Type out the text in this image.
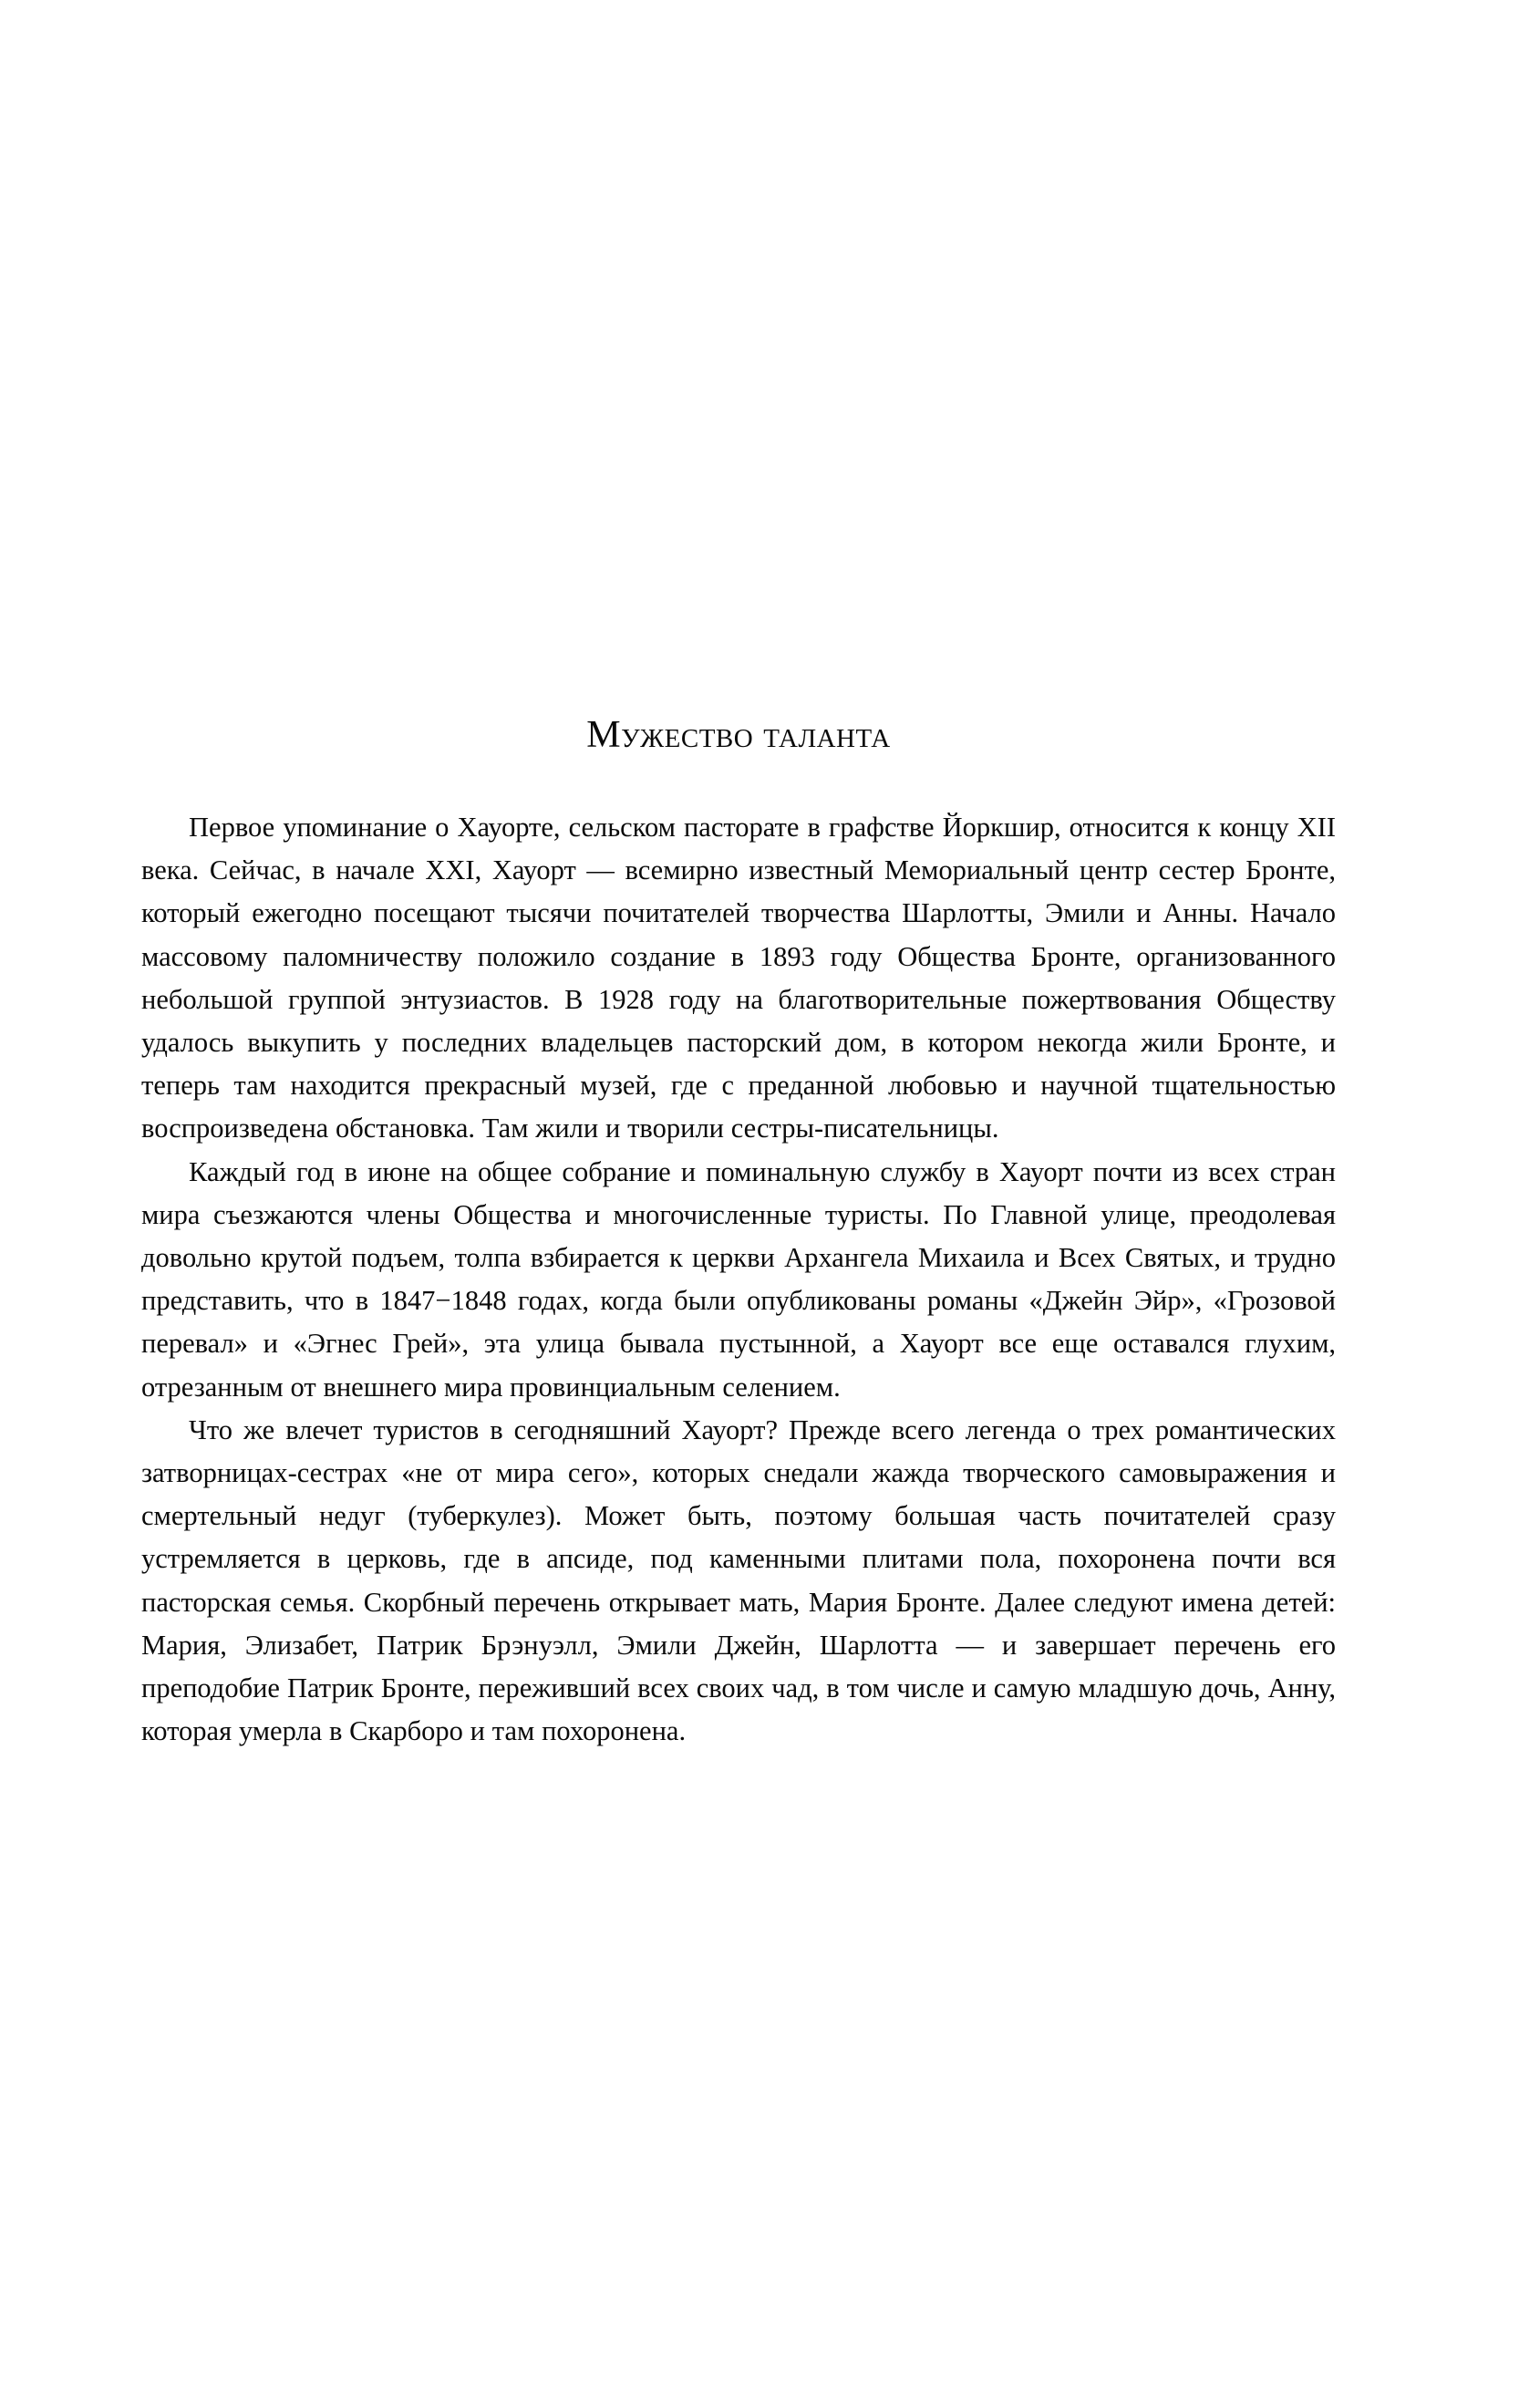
Мужество таланта

Первое упоминание о Хауорте, сельском пасторате в графстве Йоркшир, относится к концу XII века. Сейчас, в начале XXI, Хауорт — всемирно известный Мемориальный центр сестер Бронте, который ежегодно посещают тысячи почитателей творчества Шарлотты, Эмили и Анны. Начало массовому паломничеству положило создание в 1893 году Общества Бронте, организованного небольшой группой энтузиастов. В 1928 году на благотворительные пожертвования Обществу удалось выкупить у последних владельцев пасторский дом, в котором некогда жили Бронте, и теперь там находится прекрасный музей, где с преданной любовью и научной тщательностью воспроизведена обстановка. Там жили и творили сестры-писательницы.

Каждый год в июне на общее собрание и поминальную службу в Хауорт почти из всех стран мира съезжаются члены Общества и многочисленные туристы. По Главной улице, преодолевая довольно крутой подъем, толпа взбирается к церкви Архангела Михаила и Всех Святых, и трудно представить, что в 1847−1848 годах, когда были опубликованы романы «Джейн Эйр», «Грозовой перевал» и «Эгнес Грей», эта улица бывала пустынной, а Хауорт все еще оставался глухим, отрезанным от внешнего мира провинциальным селением.

Что же влечет туристов в сегодняшний Хауорт? Прежде всего легенда о трех романтических затворницах-сестрах «не от мира сего», которых снедали жажда творческого самовыражения и смертельный недуг (туберкулез). Может быть, поэтому большая часть почитателей сразу устремляется в церковь, где в апсиде, под каменными плитами пола, похоронена почти вся пасторская семья. Скорбный перечень открывает мать, Мария Бронте. Далее следуют имена детей: Мария, Элизабет, Патрик Брэнуэлл, Эмили Джейн, Шарлотта — и завершает перечень его преподобие Патрик Бронте, переживший всех своих чад, в том числе и самую младшую дочь, Анну, которая умерла в Скарборо и там похоронена.
